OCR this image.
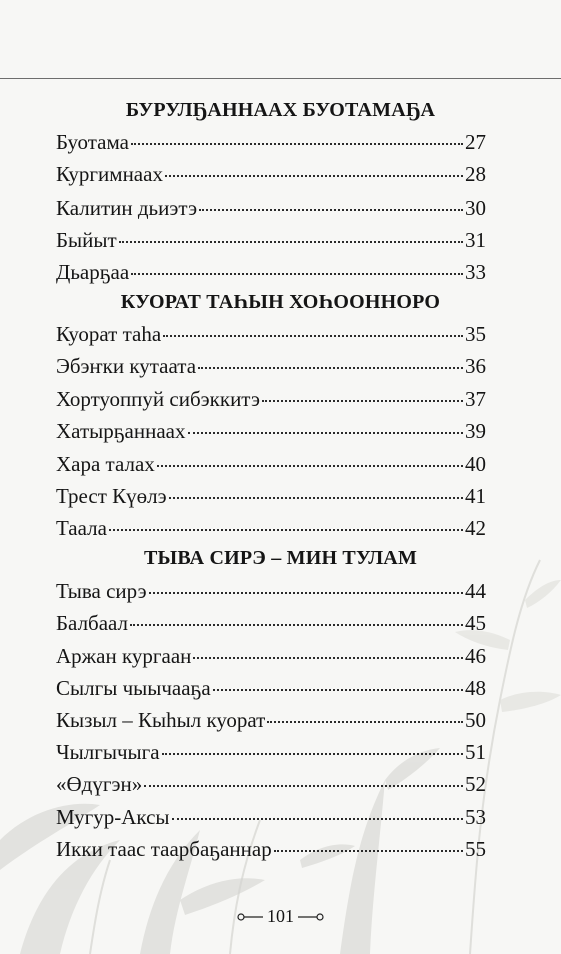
БУРУЛҔАННААХ БУОТАМАҔА
Буотама	27
Кургимнаах	28
Калитин дьиэтэ	30
Быйыт	31
Дьарҕаа	33
КУОРАТ ТАҺЫН ХОҺООННОРО
Куорат таһа	35
Эбэҥки кутаата	36
Хортуоппуй сибэккитэ	37
Хатырҕаннаах	39
Хара талах	40
Трест Күөлэ	41
Таала	42
ТЫВА СИРЭ – МИН ТУЛАМ
Тыва сирэ	44
Балбаал	45
Аржан кургаан	46
Сылгы чыычааҕа	48
Кызыл – Кыһыл куорат	50
Чылгычыга	51
«Өдүгэн»	52
Мугур-Аксы	53
Икки таас таарбаҕаннар	55
101
